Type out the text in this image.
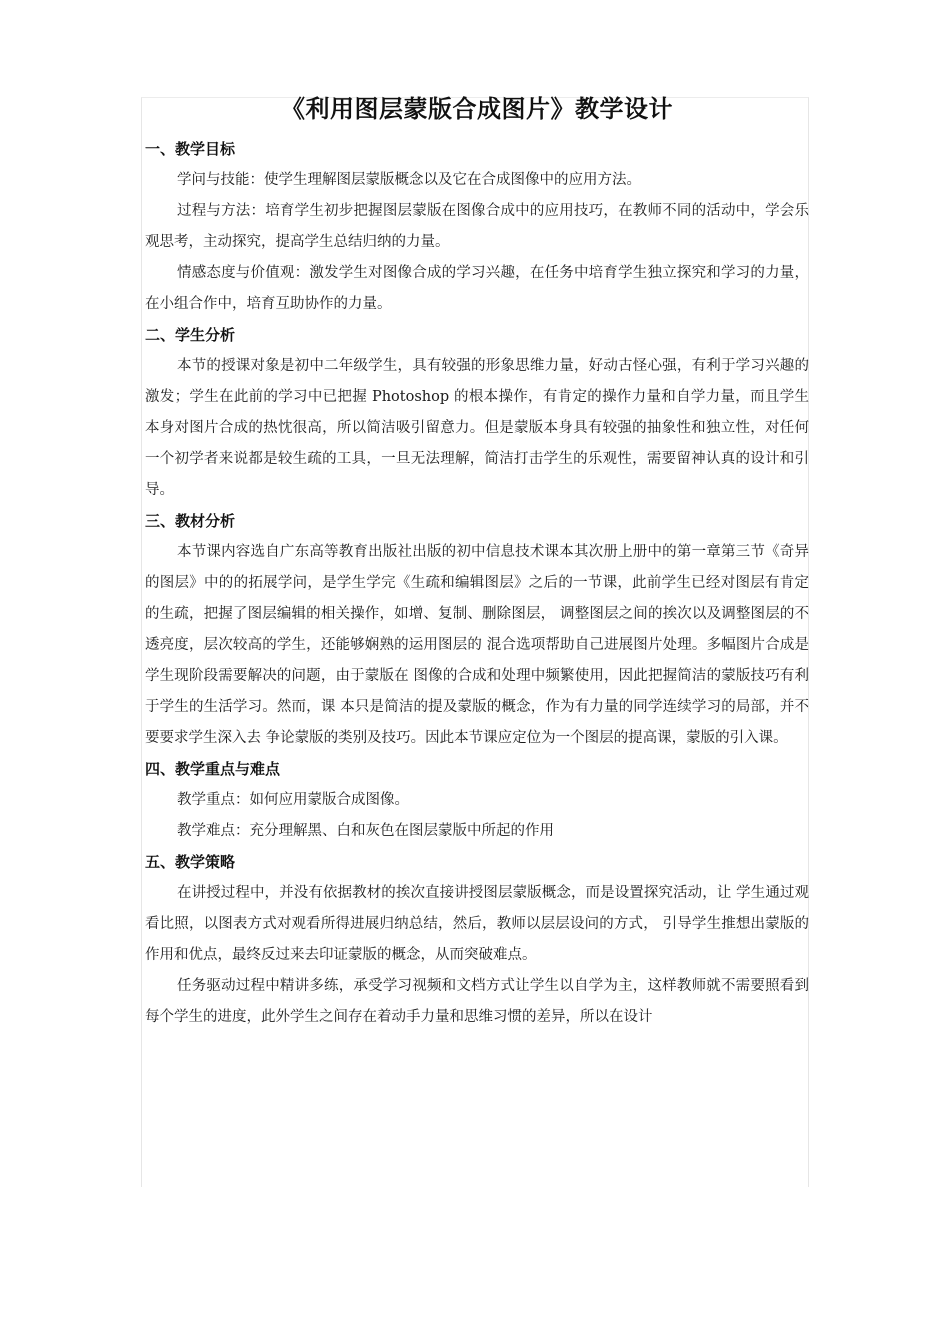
《利用图层蒙版合成图片》教学设计
一、教学目标

学问与技能：使学生理解图层蒙版概念以及它在合成图像中的应用方法。

过程与方法：培育学生初步把握图层蒙版在图像合成中的应用技巧，在教师不同的活动中，学会乐观思考，主动探究，提高学生总结归纳的力量。

情感态度与价值观：激发学生对图像合成的学习兴趣，在任务中培育学生独立探究和学习的力量，在小组合作中，培育互助协作的力量。

二、学生分析

本节的授课对象是初中二年级学生，具有较强的形象思维力量，好动古怪心强，有利于学习兴趣的激发；学生在此前的学习中已把握 Photoshop 的根本操作，有肯定的操作力量和自学力量，而且学生本身对图片合成的热忱很高，所以简洁吸引留意力。但是蒙版本身具有较强的抽象性和独立性，对任何一个初学者来说都是较生疏的工具，一旦无法理解，简洁打击学生的乐观性，需要留神认真的设计和引导。

三、教材分析

本节课内容选自广东高等教育出版社出版的初中信息技术课本其次册上册中的第一章第三节《奇异的图层》中的的拓展学问，是学生学完《生疏和编辑图层》之后的一节课，此前学生已经对图层有肯定的生疏，把握了图层编辑的相关操作，如增、复制、删除图层， 调整图层之间的挨次以及调整图层的不透亮度，层次较高的学生，还能够娴熟的运用图层的 混合选项帮助自己进展图片处理。多幅图片合成是学生现阶段需要解决的问题，由于蒙版在 图像的合成和处理中频繁使用，因此把握简洁的蒙版技巧有利于学生的生活学习。然而，课 本只是简洁的提及蒙版的概念，作为有力量的同学连续学习的局部，并不要要求学生深入去 争论蒙版的类别及技巧。因此本节课应定位为一个图层的提高课，蒙版的引入课。

四、教学重点与难点

教学重点：如何应用蒙版合成图像。

教学难点：充分理解黑、白和灰色在图层蒙版中所起的作用

五、教学策略

在讲授过程中，并没有依据教材的挨次直接讲授图层蒙版概念，而是设置探究活动，让 学生通过观看比照，以图表方式对观看所得进展归纳总结，然后，教师以层层设问的方式， 引导学生推想出蒙版的作用和优点，最终反过来去印证蒙版的概念，从而突破难点。

任务驱动过程中精讲多练，承受学习视频和文档方式让学生以自学为主，这样教师就不需要照看到每个学生的进度，此外学生之间存在着动手力量和思维习惯的差异，所以在设计
